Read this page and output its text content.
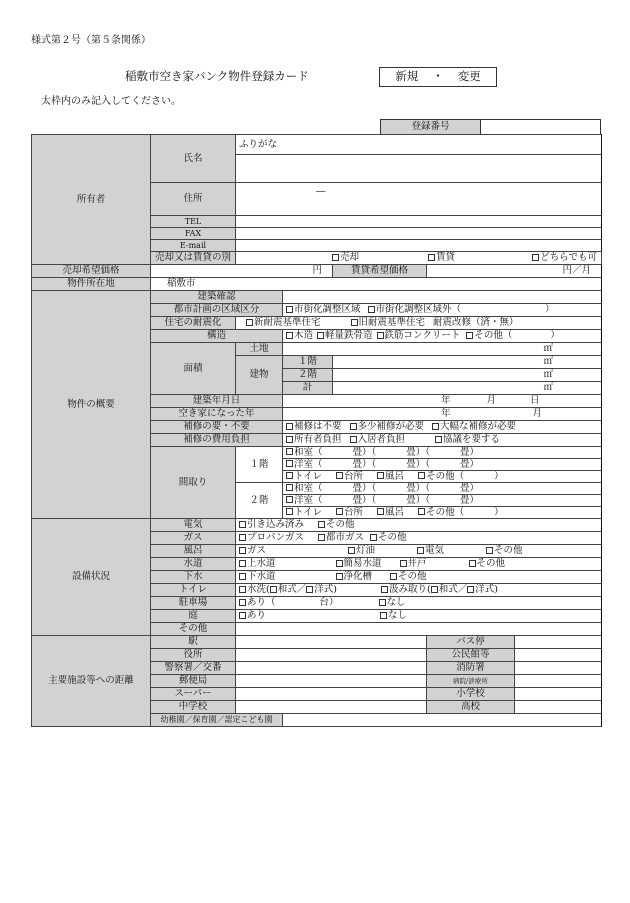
様式第２号（第５条関係）
稲敷市空き家バンク物件登録カード	新規 ・ 変更
太枠内のみ記入してください。
登録番号
所有者	氏名	ふりがな				

	住所	―				
	TEL					
	FAX					
	E-mail					
	売却又は賃貸の別	売却 賃貸 どちらでも可				
売却希望価格	円			賃貸希望価格	円／月	
物件所在地	稲敷市					
物件の概要	建築確認					
	都市計画の区域区分		市街化調整区域 市街化調整区域外（ ）			
	住宅の耐震化	新耐震基準住宅 旧耐震基準住宅 耐震改修（済・無）				
	構造		木造 軽量鉄骨造 鉄筋コンクリート その他（ ）			
	面積	土地	㎡			
		建物	１階	㎡		
			２階	㎡		
			計	㎡		
	建築年月日		年 月 日			
	空き家になった年		年 月			
	補修の要・不要		補修は不要 多少補修が必要 大幅な補修が必要			
	補修の費用負担		所有者負担 入居者負担 協議を要する			
	間取り	１階	和室（ 畳）（ 畳）（ 畳）			
			洋室（ 畳）（ 畳）（ 畳）			
			トイレ 台所 風呂 その他（ ）			
		２階	和室（ 畳）（ 畳）（ 畳）			
			洋室（ 畳）（ 畳）（ 畳）			
			トイレ 台所 風呂 その他（ ）			
設備状況	電気	引き込み済み その他				
	ガス	プロパンガス 都市ガス その他				
	風呂	ガス 灯油 電気 その他				
	水道	上水道 簡易水道 井戸 その他				
	下水	下水道 浄化槽 その他				
	トイレ	水洗( 和式／ 洋式) 汲み取り( 和式／ 洋式)				
	駐車場	あり（ 台） なし				
	庭	あり なし				
	その他					
主要施設等への距離	駅				バス停	
	役所				公民館等	
	警察署／交番				消防署	
	郵便局				病院/診療所	
	スーパー				小学校	
	中学校				高校	
	幼稚園／保育園／認定こども園					
